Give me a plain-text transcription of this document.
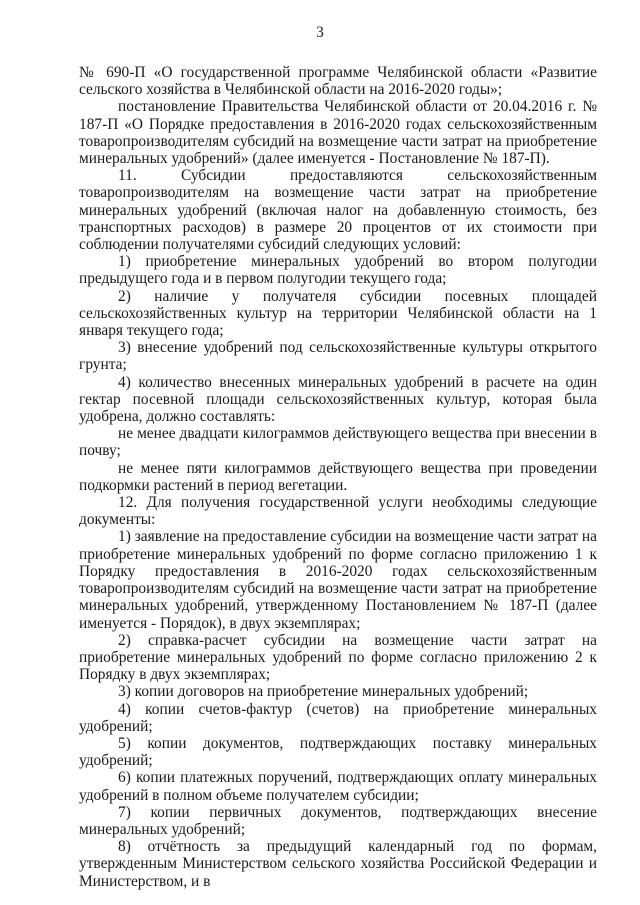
3

№ 690-П «О государственной программе Челябинской области «Развитие сельского хозяйства в Челябинской области на 2016-2020 годы»;

постановление Правительства Челябинской области от 20.04.2016 г. № 187-П «О Порядке предоставления в 2016-2020 годах сельскохозяйственным товаропроизводителям субсидий на возмещение части затрат на приобретение минеральных удобрений» (далее именуется - Постановление № 187-П).

11. Субсидии предоставляются сельскохозяйственным товаропроизводителям на возмещение части затрат на приобретение минеральных удобрений (включая налог на добавленную стоимость, без транспортных расходов) в размере 20 процентов от их стоимости при соблюдении получателями субсидий следующих условий:

1) приобретение минеральных удобрений во втором полугодии предыдущего года и в первом полугодии текущего года;

2) наличие у получателя субсидии посевных площадей сельскохозяйственных культур на территории Челябинской области на 1 января текущего года;

3) внесение удобрений под сельскохозяйственные культуры открытого грунта;

4) количество внесенных минеральных удобрений в расчете на один гектар посевной площади сельскохозяйственных культур, которая была удобрена, должно составлять:

не менее двадцати килограммов действующего вещества при внесении в почву;

не менее пяти килограммов действующего вещества при проведении подкормки растений в период вегетации.

12. Для получения государственной услуги необходимы следующие документы:

1) заявление на предоставление субсидии на возмещение части затрат на приобретение минеральных удобрений по форме согласно приложению 1 к Порядку предоставления в 2016-2020 годах сельскохозяйственным товаропроизводителям субсидий на возмещение части затрат на приобретение минеральных удобрений, утвержденному Постановлением № 187-П (далее именуется - Порядок), в двух экземплярах;

2) справка-расчет субсидии на возмещение части затрат на приобретение минеральных удобрений по форме согласно приложению 2 к Порядку в двух экземплярах;

3) копии договоров на приобретение минеральных удобрений;

4) копии счетов-фактур (счетов) на приобретение минеральных удобрений;

5) копии документов, подтверждающих поставку минеральных удобрений;

6) копии платежных поручений, подтверждающих оплату минеральных удобрений в полном объеме получателем субсидии;

7) копии первичных документов, подтверждающих внесение минеральных удобрений;

8) отчётность за предыдущий календарный год по формам, утвержденным Министерством сельского хозяйства Российской Федерации и Министерством, и в
